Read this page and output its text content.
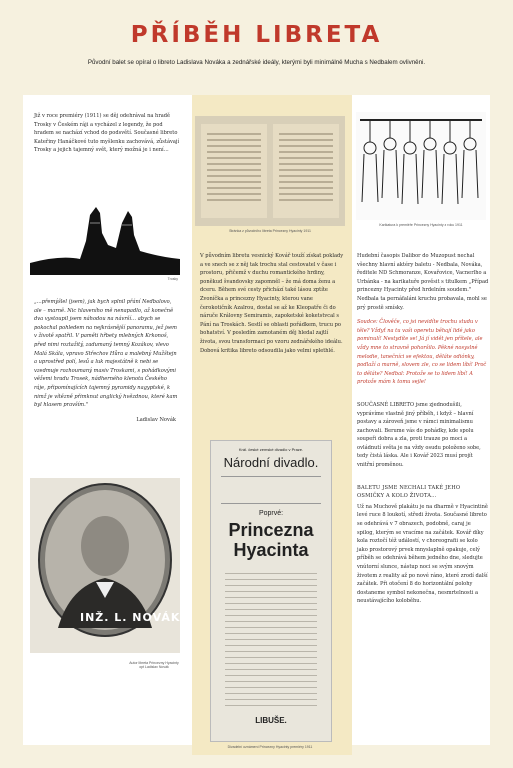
PŘÍBĚH LIBRETA
Původní balet se opíral o libreto Ladislava Nováka a zednářské ideály, kterými byli minimálně Mucha s Nedbalem ovlivněni.

Již v roce premiéry (1911) se děj odehrával na hradě Trosky v Českém ráji a vycházel z legendy, že pod hradem se nachází vchod do podsvětí. Současné libreto Kateřiny Hanáčkové tuto myšlenku zachovává, zůstávají Trosky a jejich tajemný svět, který možná je i není…

Trosky

„…přemýšlel (jsem), jak bych splnil přání Nedbalovo, ale – marně. Nic hlaveního mě nenapadlo, až konečně dva vystoupil jsem náhodou na návrší… abych se pokochal pohledem na nejkrásnější panoramu, jež jsem v životě spatřil. V paměti hřbety mlebných Krkonoš, před nimi roztažitý, zadumaný temný Kozákov, vlevo Malá Skála, vpravo Střechov Hůra a malebný Mužštejn a uprostřed polí, lesů a luk majestátně k nebi se vzedmuje rozhoumaný masiv Troskami, s pohádkovými věžemi hradu Trosek, nádherného klenotu Českého ráje, připomínajících tajemný pyramidy nagyptské, k nimž je vítězně přimknut anglický hvězdnou, které kam byl hlasem pravším."

Ladislav Novák

INŽ. L. NOVÁK
Autor libreta Princezny Hyacinty opt Ladislav Novák
Stránka z původního libreta Princezny Hyacinty 1911

V původním libretu vesnický Kovář touží získat poklady a ve snech se z něj tak trochu stal cestovatel v čase i prostoru, přičemž v duchu romantického hrdiny, poněkud švandovsky zapomněl – že má doma ženu a dceru. Během své cesty přichází také lásou zptíte Zvoníčka a princezny Hyacinty, kterou vane čerokotičník Azalrou, dostal se až ke Kleopatře či do náruče Královny Semiramis, zapoketské koketstvcal s Pání na Troskách. Sestlí se oblasti pořádkem, trucu po bohatství. V posledím zamotaném děj hledal zajtlí života, svou transformaci po vzoru zednářského ideálu. Dobová kritika libreto odsoudila jako velmi splethlé.

Král. české zemské divadlo v Praze.
Národní divadlo.
Poprvé:
Princezna
Hyacinta
LIBUŠE.
Divadelní oznámení Princezny Hyacinty premiéry 1911
Karikatura k premiéře Princezny Hyacinty z roku 1911

Hudební časopis Dalibor do Muzopust nechal všechny hlavní aktéry baletu - Nedbala, Nováka, ředitele ND Schmoranze, Kovařovice, Vacnerlho a Urbánka - na karikatuře pověsit s titulkem „Případ princezny Hyacinty před hrdelním soudem." Nedbala ta pernáfaláni kruchu probavala, mohl se prý prostě smísky.

Soudce: Člověče, co jsi nevidíte trochu studu v těle? Vždyť na tu vaši operetu běhají lidé jako pominulí! Nestydíte se! Já jí vidět jen přítele, ale vždy mne to stravně pohoršilo. Pěkné nosyslné melodie, tanečníci se efektou, děláte odiónky, podlaží a marně, slovem zle, co se lidem líbí! Proč to děláte? Nedbal: Protože se to lidem líbí! A protože mám k tomu sejle!

SOUČASNÉ LIBRETO jsme zjednodušili, vyprávíme vlastně jiný příběh, i když – hlavní postavy a zároveň jsme v rámci minimalismu zachovali. Berume vás do pohádky, kde spolu soupeři dobra a zla, proti trauze po moci a ovládnutí světa je na vždy osudu položeno sobe, tedy čistá láska. Ale i Kovář 2023 musí projít vnitřní proměnou.

BALETU JSME NECHALI TAKÉ JEHO OSMIČKY A KOLO ŽIVOTA…

Už na Muchově plakátu je na dharmě v Hyacintině levé ruce 8 loukotí, středi života. Současné libreto se odehrává v 7 obrazech, podobně, caraj je spilog, kterým se vracíme na začátek. Kovář díky kola roztočí též událostí, v choreografii se kolo jako prostorový prvek mnyslaplně opakuje, celý příběh se odehrává během jedného dne, sledujte vnútorní slunce, nástup noci se svým snovým životem z reality až po nové ráno, které zrodí další začátek. Při otočení 8 do horizontální polohy dostaneme symbol nekonečna, nesmrtelnosti a neustávajícího koloběhu.
